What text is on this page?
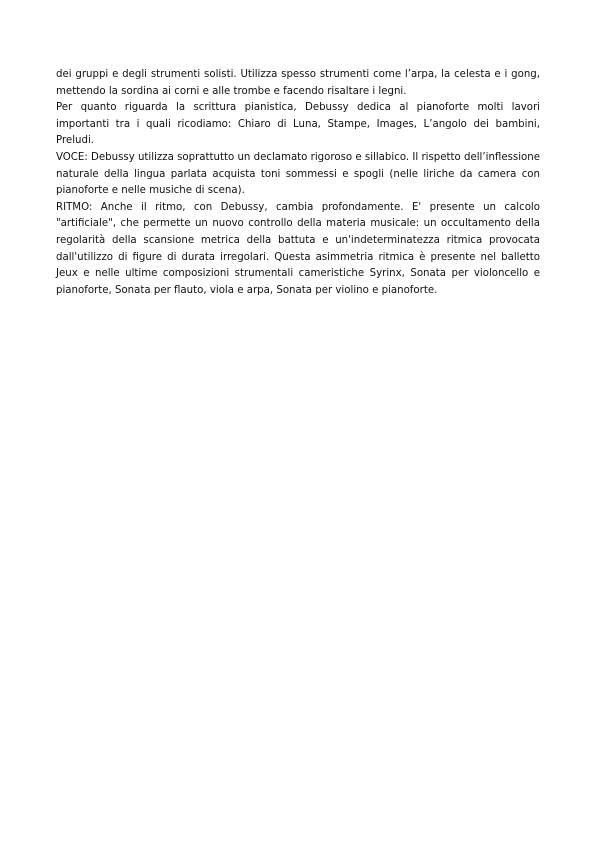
dei gruppi e degli strumenti solisti. Utilizza spesso strumenti come l’arpa, la celesta e i gong, mettendo la sordina ai corni e alle trombe e facendo risaltare i legni.

Per quanto riguarda la scrittura pianistica, Debussy dedica al pianoforte molti lavori importanti tra i quali ricodiamo: Chiaro di Luna, Stampe, Images, L’angolo dei bambini, Preludi.

VOCE: Debussy utilizza soprattutto un declamato rigoroso e sillabico. Il rispetto dell’inflessione naturale della lingua parlata acquista toni sommessi e spogli (nelle liriche da camera con pianoforte e nelle musiche di scena).

RITMO: Anche il ritmo, con Debussy, cambia profondamente. E' presente un calcolo "artificiale", che permette un nuovo controllo della materia musicale: un occultamento della regolarità della scansione metrica della battuta e un'indeterminatezza ritmica provocata dall'utilizzo di figure di durata irregolari. Questa asimmetria ritmica è presente nel balletto Jeux e nelle ultime composizioni strumentali cameristiche Syrinx, Sonata per violoncello e pianoforte, Sonata per flauto, viola e arpa, Sonata per violino e pianoforte.
